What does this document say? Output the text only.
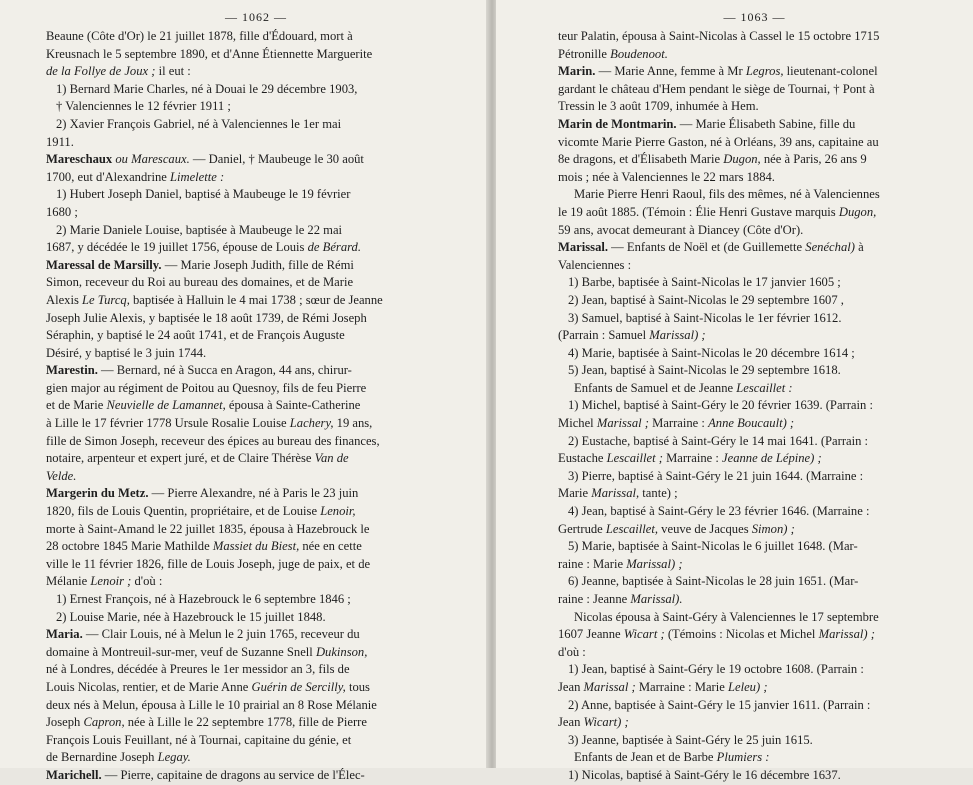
— 1062 —

Beaune (Côte d'Or) le 21 juillet 1878, fille d'Édouard, mort à

Kreusnach le 5 septembre 1890, et d'Anne Étiennette Marguerite

de la Follye de Joux ; il eut :

1) Bernard Marie Charles, né à Douai le 29 décembre 1903,

† Valenciennes le 12 février 1911 ;

2) Xavier François Gabriel, né à Valenciennes le 1er mai

1911.

Mareschaux ou Marescaux. — Daniel, † Maubeuge le 30 août

1700, eut d'Alexandrine Limelette :

1) Hubert Joseph Daniel, baptisé à Maubeuge le 19 février

1680 ;

2) Marie Daniele Louise, baptisée à Maubeuge le 22 mai

1687, y décédée le 19 juillet 1756, épouse de Louis de Bérard.

Maressal de Marsilly. — Marie Joseph Judith, fille de Rémi

Simon, receveur du Roi au bureau des domaines, et de Marie

Alexis Le Turcq, baptisée à Halluin le 4 mai 1738 ; sœur de Jeanne

Joseph Julie Alexis, y baptisée le 18 août 1739, de Rémi Joseph

Séraphin, y baptisé le 24 août 1741, et de François Auguste

Désiré, y baptisé le 3 juin 1744.

Marestin. — Bernard, né à Succa en Aragon, 44 ans, chirur-

gien major au régiment de Poitou au Quesnoy, fils de feu Pierre

et de Marie Neuvielle de Lamannet, épousa à Sainte-Catherine

à Lille le 17 février 1778 Ursule Rosalie Louise Lachery, 19 ans,

fille de Simon Joseph, receveur des épices au bureau des finances,

notaire, arpenteur et expert juré, et de Claire Thérèse Van de

Velde.

Margerin du Metz. — Pierre Alexandre, né à Paris le 23 juin

1820, fils de Louis Quentin, propriétaire, et de Louise Lenoir,

morte à Saint-Amand le 22 juillet 1835, épousa à Hazebrouck le

28 octobre 1845 Marie Mathilde Massiet du Biest, née en cette

ville le 11 février 1826, fille de Louis Joseph, juge de paix, et de

Mélanie Lenoir ; d'où :

1) Ernest François, né à Hazebrouck le 6 septembre 1846 ;

2) Louise Marie, née à Hazebrouck le 15 juillet 1848.

Maria. — Clair Louis, né à Melun le 2 juin 1765, receveur du

domaine à Montreuil-sur-mer, veuf de Suzanne Snell Dukinson,

né à Londres, décédée à Preures le 1er messidor an 3, fils de

Louis Nicolas, rentier, et de Marie Anne Guérin de Sercilly, tous

deux nés à Melun, épousa à Lille le 10 prairial an 8 Rose Mélanie

Joseph Capron, née à Lille le 22 septembre 1778, fille de Pierre

François Louis Feuillant, né à Tournai, capitaine du génie, et

de Bernardine Joseph Legay.

Marichell. — Pierre, capitaine de dragons au service de l'Élec-

— 1063 —

teur Palatin, épousa à Saint-Nicolas à Cassel le 15 octobre 1715

Pétronille Boudenoot.

Marin. — Marie Anne, femme à Mr Legros, lieutenant-colonel

gardant le château d'Hem pendant le siège de Tournai, † Pont à

Tressin le 3 août 1709, inhumée à Hem.

Marin de Montmarin. — Marie Élisabeth Sabine, fille du

vicomte Marie Pierre Gaston, né à Orléans, 39 ans, capitaine au

8e dragons, et d'Élisabeth Marie Dugon, née à Paris, 26 ans 9

mois ; née à Valenciennes le 22 mars 1884.

Marie Pierre Henri Raoul, fils des mêmes, né à Valenciennes

le 19 août 1885. (Témoin : Élie Henri Gustave marquis Dugon,

59 ans, avocat demeurant à Diancey (Côte d'Or).

Marissal. — Enfants de Noël et (de Guillemette Senéchal) à

Valenciennes :

1) Barbe, baptisée à Saint-Nicolas le 17 janvier 1605 ;

2) Jean, baptisé à Saint-Nicolas le 29 septembre 1607 ,

3) Samuel, baptisé à Saint-Nicolas le 1er février 1612.

(Parrain : Samuel Marissal) ;

4) Marie, baptisée à Saint-Nicolas le 20 décembre 1614 ;

5) Jean, baptisé à Saint-Nicolas le 29 septembre 1618.

Enfants de Samuel et de Jeanne Lescaillet :

1) Michel, baptisé à Saint-Géry le 20 février 1639. (Parrain :

Michel Marissal ; Marraine : Anne Boucault) ;

2) Eustache, baptisé à Saint-Géry le 14 mai 1641. (Parrain :

Eustache Lescaillet ; Marraine : Jeanne de Lépine) ;

3) Pierre, baptisé à Saint-Géry le 21 juin 1644. (Marraine :

Marie Marissal, tante) ;

4) Jean, baptisé à Saint-Géry le 23 février 1646. (Marraine :

Gertrude Lescaillet, veuve de Jacques Simon) ;

5) Marie, baptisée à Saint-Nicolas le 6 juillet 1648. (Mar-

raine : Marie Marissal) ;

6) Jeanne, baptisée à Saint-Nicolas le 28 juin 1651. (Mar-

raine : Jeanne Marissal).

Nicolas épousa à Saint-Géry à Valenciennes le 17 septembre

1607 Jeanne Wicart ; (Témoins : Nicolas et Michel Marissal) ;

d'où :

1) Jean, baptisé à Saint-Géry le 19 octobre 1608. (Parrain :

Jean Marissal ; Marraine : Marie Leleu) ;

2) Anne, baptisée à Saint-Géry le 15 janvier 1611. (Parrain :

Jean Wicart) ;

3) Jeanne, baptisée à Saint-Géry le 25 juin 1615.

Enfants de Jean et de Barbe Plumiers :

1) Nicolas, baptisé à Saint-Géry le 16 décembre 1637.
